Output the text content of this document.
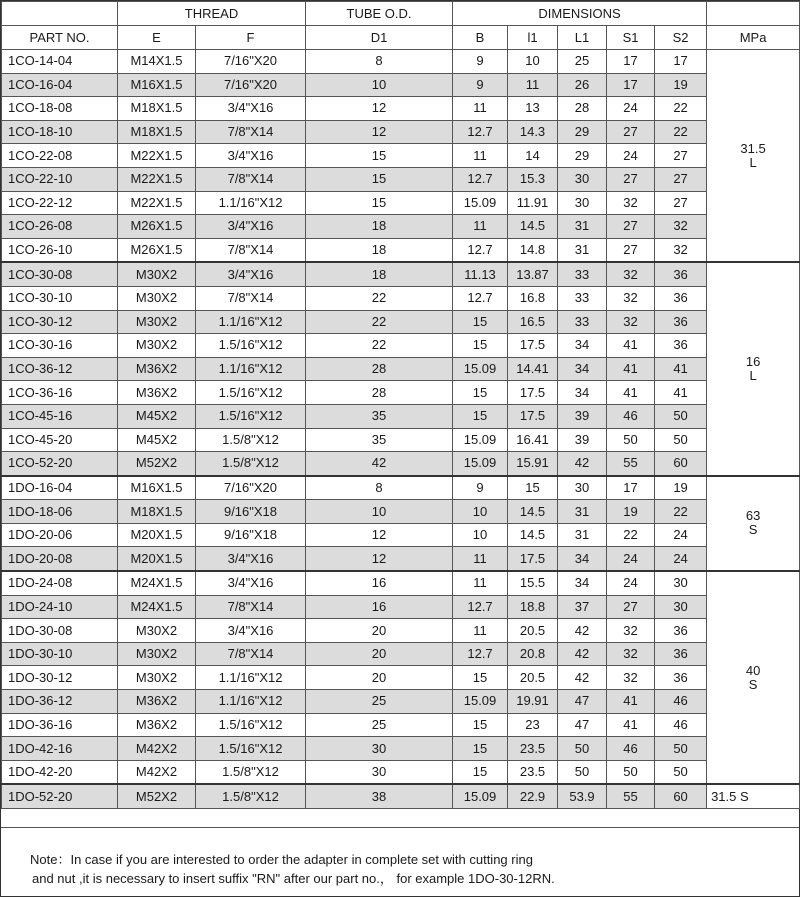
	THREAD		TUBE O.D.	DIMENSIONS					
PART NO.	E	F	D1	B	l1	L1	S1	S2	MPa
1CO-14-04	M14X1.5	7/16"X20	8	9	10	25	17	17	31.5
L

1CO-16-04	M16X1.5	7/16"X20	10	9	11	26	17	19	
1CO-18-08	M18X1.5	3/4"X16	12	11	13	28	24	22	
1CO-18-10	M18X1.5	7/8"X14	12	12.7	14.3	29	27	22	
1CO-22-08	M22X1.5	3/4"X16	15	11	14	29	24	27	
1CO-22-10	M22X1.5	7/8"X14	15	12.7	15.3	30	27	27	
1CO-22-12	M22X1.5	1.1/16"X12	15	15.09	11.91	30	32	27	
1CO-26-08	M26X1.5	3/4"X16	18	11	14.5	31	27	32	
1CO-26-10	M26X1.5	7/8"X14	18	12.7	14.8	31	27	32	
1CO-30-08	M30X2	3/4"X16	18	11.13	13.87	33	32	36	16
L

1CO-30-10	M30X2	7/8"X14	22	12.7	16.8	33	32	36	
1CO-30-12	M30X2	1.1/16"X12	22	15	16.5	33	32	36	
1CO-30-16	M30X2	1.5/16"X12	22	15	17.5	34	41	36	
1CO-36-12	M36X2	1.1/16"X12	28	15.09	14.41	34	41	41	
1CO-36-16	M36X2	1.5/16"X12	28	15	17.5	34	41	41	
1CO-45-16	M45X2	1.5/16"X12	35	15	17.5	39	46	50	
1CO-45-20	M45X2	1.5/8"X12	35	15.09	16.41	39	50	50	
1CO-52-20	M52X2	1.5/8"X12	42	15.09	15.91	42	55	60	
1DO-16-04	M16X1.5	7/16"X20	8	9	15	30	17	19	63
S

1DO-18-06	M18X1.5	9/16"X18	10	10	14.5	31	19	22	
1DO-20-06	M20X1.5	9/16"X18	12	10	14.5	31	22	24	
1DO-20-08	M20X1.5	3/4"X16	12	11	17.5	34	24	24	
1DO-24-08	M24X1.5	3/4"X16	16	11	15.5	34	24	30	40
S

1DO-24-10	M24X1.5	7/8"X14	16	12.7	18.8	37	27	30	
1DO-30-08	M30X2	3/4"X16	20	11	20.5	42	32	36	
1DO-30-10	M30X2	7/8"X14	20	12.7	20.8	42	32	36	
1DO-30-12	M30X2	1.1/16"X12	20	15	20.5	42	32	36	
1DO-36-12	M36X2	1.1/16"X12	25	15.09	19.91	47	41	46	
1DO-36-16	M36X2	1.5/16"X12	25	15	23	47	41	46	
1DO-42-16	M42X2	1.5/16"X12	30	15	23.5	50	46	50	
1DO-42-20	M42X2	1.5/8"X12	30	15	23.5	50	50	50	
1DO-52-20	M52X2	1.5/8"X12	38	15.09	22.9	53.9	55	60	31.5 S
Note：In case if you are interested to order the adapter in complete set with cutting ring
and nut ,it is necessary to insert suffix "RN" after our part no.， for example 1DO-30-12RN.
